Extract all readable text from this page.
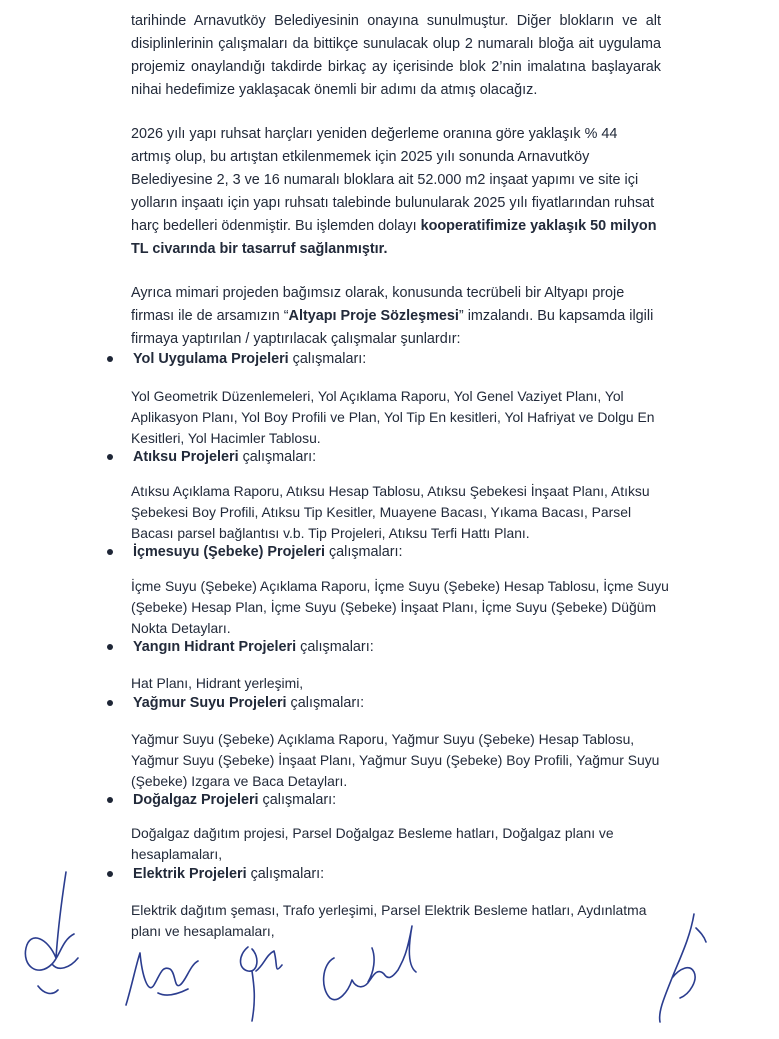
tarihinde Arnavutköy Belediyesinin onayına sunulmuştur. Diğer blokların ve alt disiplinlerinin çalışmaları da bittikçe sunulacak olup 2 numaralı bloğa ait uygulama projemiz onaylandığı takdirde birkaç ay içerisinde blok 2’nin imalatına başlayarak nihai hedefimize yaklaşacak önemli bir adımı da atmış olacağız.

2026 yılı yapı ruhsat harçları yeniden değerleme oranına göre yaklaşık % 44 artmış olup, bu artıştan etkilenmemek için 2025 yılı sonunda Arnavutköy Belediyesine 2, 3 ve 16 numaralı bloklara ait 52.000 m2 inşaat yapımı ve site içi yolların inşaatı için yapı ruhsatı talebinde bulunularak 2025 yılı fiyatlarından ruhsat harç bedelleri ödenmiştir. Bu işlemden dolayı kooperatifimize yaklaşık 50 milyon TL civarında bir tasarruf sağlanmıştır.

Ayrıca mimari projeden bağımsız olarak, konusunda tecrübeli bir Altyapı proje firması ile de arsamızın “Altyapı Proje Sözleşmesi” imzalandı. Bu kapsamda ilgili firmaya yaptırılan / yaptırılacak çalışmalar şunlardır:

Yol Uygulama Projeleri çalışmaları:

Yol Geometrik Düzenlemeleri, Yol Açıklama Raporu, Yol Genel Vaziyet Planı, Yol Aplikasyon Planı, Yol Boy Profili ve Plan, Yol Tip En kesitleri, Yol Hafriyat ve Dolgu En Kesitleri, Yol Hacimler Tablosu.

Atıksu Projeleri çalışmaları:

Atıksu Açıklama Raporu, Atıksu Hesap Tablosu, Atıksu Şebekesi İnşaat Planı, Atıksu Şebekesi Boy Profili, Atıksu Tip Kesitler, Muayene Bacası, Yıkama Bacası, Parsel Bacası parsel bağlantısı v.b. Tip Projeleri, Atıksu Terfi Hattı Planı.

İçmesuyu (Şebeke) Projeleri çalışmaları:

İçme Suyu (Şebeke) Açıklama Raporu, İçme Suyu (Şebeke) Hesap Tablosu, İçme Suyu (Şebeke) Hesap Plan, İçme Suyu (Şebeke) İnşaat Planı, İçme Suyu (Şebeke) Düğüm Nokta Detayları.

Yangın Hidrant Projeleri çalışmaları:

Hat Planı, Hidrant yerleşimi,

Yağmur Suyu Projeleri çalışmaları:

Yağmur Suyu (Şebeke) Açıklama Raporu, Yağmur Suyu (Şebeke) Hesap Tablosu, Yağmur Suyu (Şebeke) İnşaat Planı, Yağmur Suyu (Şebeke) Boy Profili, Yağmur Suyu (Şebeke) Izgara ve Baca Detayları.

Doğalgaz Projeleri çalışmaları:

Doğalgaz dağıtım projesi, Parsel Doğalgaz Besleme hatları, Doğalgaz planı ve hesaplamaları,

Elektrik Projeleri çalışmaları:

Elektrik dağıtım şeması, Trafo yerleşimi, Parsel Elektrik Besleme hatları, Aydınlatma planı ve hesaplamaları,
